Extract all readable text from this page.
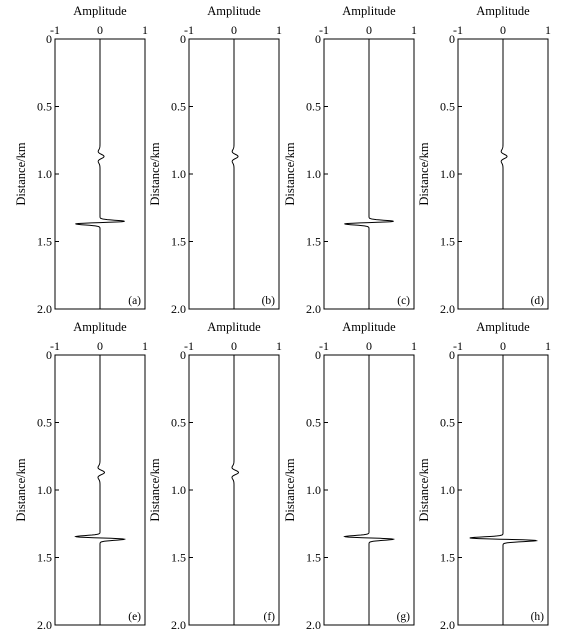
Amplitude
-1	0	1
0
0.5
1.0
1.5
2.0
Distance/km
(a)
Amplitude
-1	0	1
0
0.5
1.0
1.5
2.0
Distance/km
(b)
Amplitude
-1	0	1
0
0.5
1.0
1.5
2.0
Distance/km
(c)
Amplitude
-1	0	1
0
0.5
1.0
1.5
2.0
Distance/km
(d)
Amplitude
-1	0	1
0
0.5
1.0
1.5
2.0
Distance/km
(e)
Amplitude
-1	0	1
0
0.5
1.0
1.5
2.0
Distance/km
(f)
Amplitude
-1	0	1
0
0.5
1.0
1.5
2.0
Distance/km
(g)
Amplitude
-1	0	1
0
0.5
1.0
1.5
2.0
Distance/km
(h)
